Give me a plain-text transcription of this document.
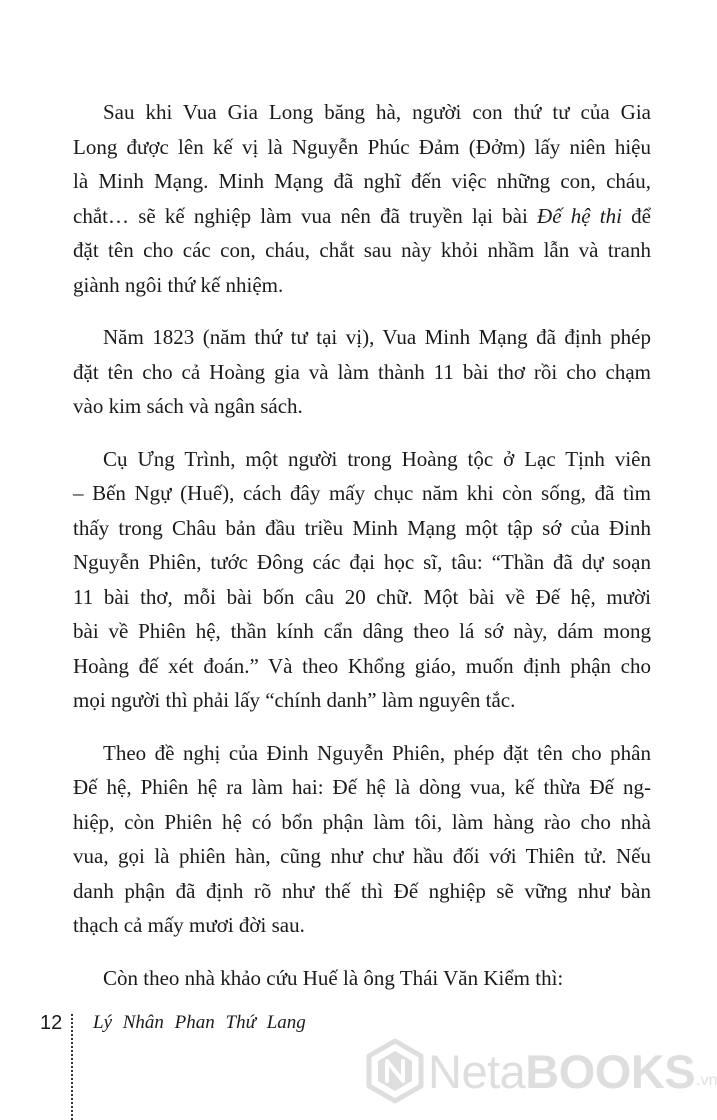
Sau khi Vua Gia Long băng hà, người con thứ tư của Gia
Long được lên kế vị là Nguyễn Phúc Đảm (Đởm) lấy niên hiệu
là Minh Mạng. Minh Mạng đã nghĩ đến việc những con, cháu,
chắt… sẽ kế nghiệp làm vua nên đã truyền lại bài Đế hệ thi để
đặt tên cho các con, cháu, chắt sau này khỏi nhầm lẫn và tranh
giành ngôi thứ kế nhiệm.

Năm 1823 (năm thứ tư tại vị), Vua Minh Mạng đã định phép
đặt tên cho cả Hoàng gia và làm thành 11 bài thơ rồi cho chạm
vào kim sách và ngân sách.

Cụ Ưng Trình, một người trong Hoàng tộc ở Lạc Tịnh viên
– Bến Ngự (Huế), cách đây mấy chục năm khi còn sống, đã tìm
thấy trong Châu bản đầu triều Minh Mạng một tập sớ của Đinh
Nguyễn Phiên, tước Đông các đại học sĩ, tâu: “Thần đã dự soạn
11 bài thơ, mỗi bài bốn câu 20 chữ. Một bài về Đế hệ, mười
bài về Phiên hệ, thần kính cẩn dâng theo lá sớ này, dám mong
Hoàng đế xét đoán.” Và theo Khổng giáo, muốn định phận cho
mọi người thì phải lấy “chính danh” làm nguyên tắc.

Theo đề nghị của Đinh Nguyễn Phiên, phép đặt tên cho phân
Đế hệ, Phiên hệ ra làm hai: Đế hệ là dòng vua, kế thừa Đế ng-
hiệp, còn Phiên hệ có bổn phận làm tôi, làm hàng rào cho nhà
vua, gọi là phiên hàn, cũng như chư hầu đối với Thiên tử. Nếu
danh phận đã định rõ như thế thì Đế nghiệp sẽ vững như bàn
thạch cả mấy mươi đời sau.

Còn theo nhà khảo cứu Huế là ông Thái Văn Kiểm thì:

12 Lý Nhân Phan Thứ Lang
NetaBOOKS .vn
